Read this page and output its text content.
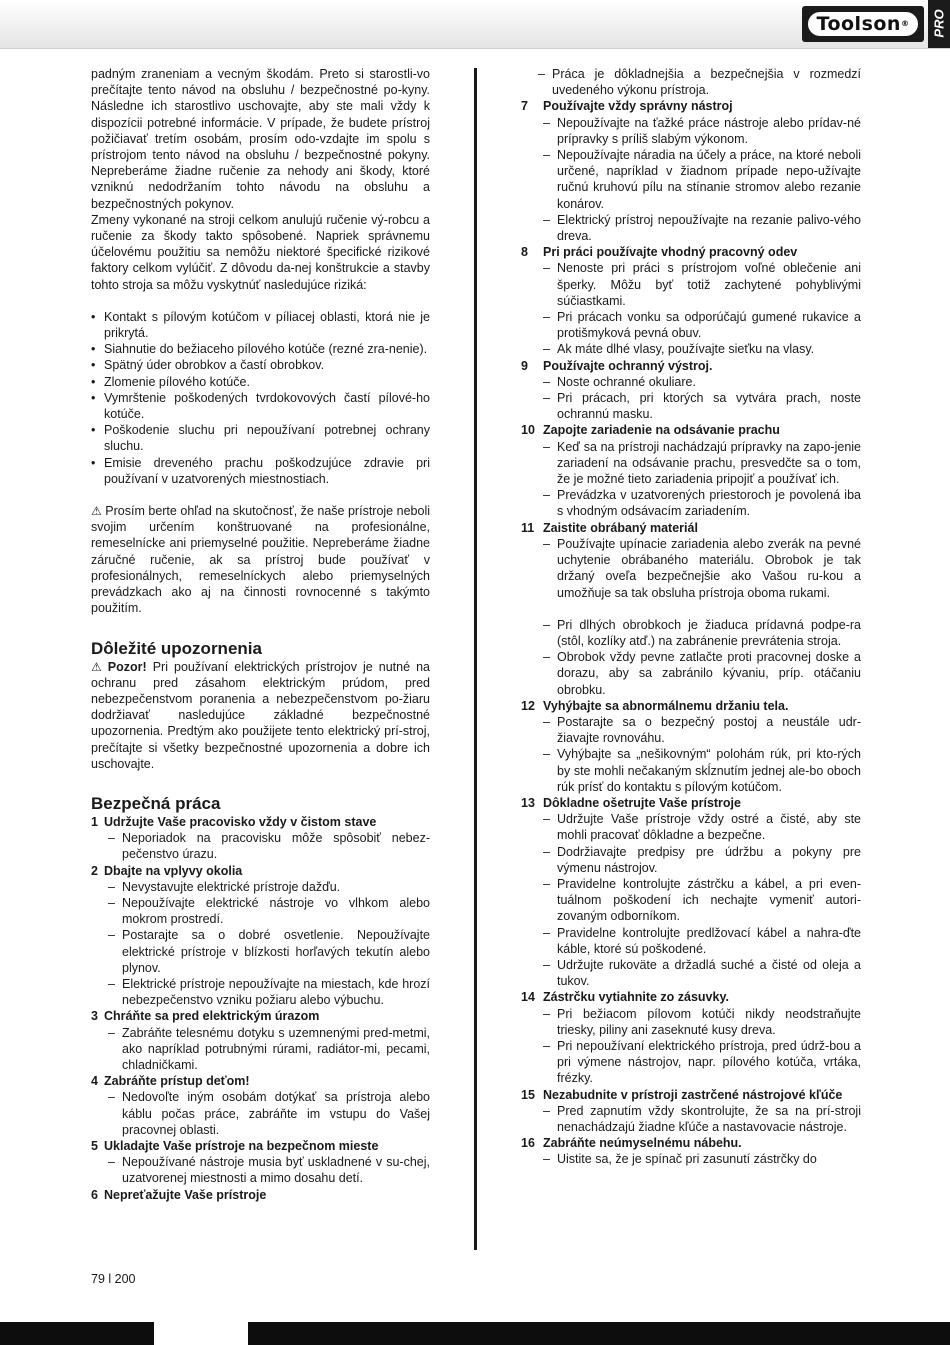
Toolson®	PRO

padným zraneniam a vecným škodám. Preto si starostli-vo prečítajte tento návod na obsluhu / bezpečnostné po-kyny. Následne ich starostlivo uschovajte, aby ste mali vždy k dispozícii potrebné informácie. V prípade, že budete prístroj požičiavať tretím osobám, prosím odo-vzdajte im spolu s prístrojom tento návod na obsluhu / bezpečnostné pokyny. Nepreberáme žiadne ručenie za nehody ani škody, ktoré vzniknú nedodržaním tohto návodu na obsluhu a bezpečnostných pokynov.

Zmeny vykonané na stroji celkom anulujú ručenie vý-robcu a ručenie za škody takto spôsobené. Napriek správnemu účelovému použitiu sa nemôžu niektoré špecifické rizikové faktory celkom vylúčiť. Z dôvodu da-nej konštrukcie a stavby tohto stroja sa môžu vyskytnúť nasledujúce riziká:

• Kontakt s pílovým kotúčom v píliacej oblasti, ktorá nie je prikrytá.
• Siahnutie do bežiaceho pílového kotúče (rezné zra-nenie).
• Spätný úder obrobkov a častí obrobkov.
• Zlomenie pílového kotúče.
• Vymrštenie poškodených tvrdokovových častí pílové-ho kotúče.
• Poškodenie sluchu pri nepoužívaní potrebnej ochrany sluchu.
• Emisie dreveného prachu poškodzujúce zdravie pri používaní v uzatvorených miestnostiach.

⚠ Prosím berte ohľad na skutočnosť, že naše prístroje neboli svojim určením konštruované na profesionálne, remeselnícke ani priemyselné použitie. Nepreberáme žiadne záručné ručenie, ak sa prístroj bude používať v profesionálnych, remeselníckych alebo priemyselných prevádzkach ako aj na činnosti rovnocenné s takýmto použitím.

Dôležité upozornenia

⚠ Pozor! Pri používaní elektrických prístrojov je nutné na ochranu pred zásahom elektrickým prúdom, pred nebezpečenstvom poranenia a nebezpečenstvom po-žiaru dodržiavať nasledujúce základné bezpečnostné upozornenia. Predtým ako použijete tento elektrický prí-stroj, prečítajte si všetky bezpečnostné upozornenia a dobre ich uschovajte.

Bezpečná práca
1 Udržujte Vaše pracovisko vždy v čistom stave
– Neporiadok na pracovisku môže spôsobiť nebez-pečenstvo úrazu.
2 Dbajte na vplyvy okolia
– Nevystavujte elektrické prístroje dažďu.
– Nepoužívajte elektrické nástroje vo vlhkom alebo mokrom prostredí.
– Postarajte sa o dobré osvetlenie. Nepoužívajte elektrické prístroje v blízkosti horľavých tekutín alebo plynov.
– Elektrické prístroje nepoužívajte na miestach, kde hrozí nebezpečenstvo vzniku požiaru alebo výbuchu.
3 Chráňte sa pred elektrickým úrazom
– Zabráňte telesnému dotyku s uzemnenými pred-metmi, ako napríklad potrubnými rúrami, radiátor-mi, pecami, chladničkami.
4 Zabráňte prístup deťom!
– Nedovoľte iným osobám dotýkať sa prístroja alebo káblu počas práce, zabráňte im vstupu do Vašej pracovnej oblasti.
5 Ukladajte Vaše prístroje na bezpečnom mieste
– Nepoužívané nástroje musia byť uskladnené v su-chej, uzatvorenej miestnosti a mimo dosahu detí.
6 Nepreťažujte Vaše prístroje
– Práca je dôkladnejšia a bezpečnejšia v rozmedzí uvedeného výkonu prístroja.
7	Používajte vždy správny nástroj
– Nepoužívajte na ťažké práce nástroje alebo prídav-né prípravky s príliš slabým výkonom.
– Nepoužívajte náradia na účely a práce, na ktoré neboli určené, napríklad v žiadnom prípade nepo-užívajte ručnú kruhovú pílu na stínanie stromov alebo rezanie konárov.
– Elektrický prístroj nepoužívajte na rezanie palivo-vého dreva.
8	Pri práci používajte vhodný pracovný odev
– Nenoste pri práci s prístrojom voľné oblečenie ani šperky. Môžu byť totiž zachytené pohyblivými súčiastkami.
– Pri prácach vonku sa odporúčajú gumené rukavice a protišmyková pevná obuv.
– Ak máte dlhé vlasy, používajte sieťku na vlasy.
9	Používajte ochranný výstroj.
– Noste ochranné okuliare.
– Pri prácach, pri ktorých sa vytvára prach, noste ochrannú masku.
10 Zapojte zariadenie na odsávanie prachu
– Keď sa na prístroji nachádzajú prípravky na zapo-jenie zariadení na odsávanie prachu, presvedčte sa o tom, že je možné tieto zariadenia pripojiť a používať ich.
– Prevádzka v uzatvorených priestoroch je povolená iba s vhodným odsávacím zariadením.
11 Zaistite obrábaný materiál
– Používajte upínacie zariadenia alebo zverák na pevné uchytenie obrábaného materiálu. Obrobok je tak držaný oveľa bezpečnejšie ako Vašou ru-kou a umožňuje sa tak obsluha prístroja oboma rukami.
– Pri dlhých obrobkoch je žiaduca prídavná podpe-ra (stôl, kozlíky atď.) na zabránenie prevrátenia stroja.
– Obrobok vždy pevne zatlačte proti pracovnej doske a dorazu, aby sa zabránilo kývaniu, príp. otáčaniu obrobku.
12 Vyhýbajte sa abnormálnemu držaniu tela.
– Postarajte sa o bezpečný postoj a neustále udr-žiavajte rovnováhu.
– Vyhýbajte sa „nešikovným“ polohám rúk, pri kto-rých by ste mohli nečakaným skĺznutím jednej ale-bo oboch rúk prísť do kontaktu s pílovým kotúčom.
13 Dôkladne ošetrujte Vaše prístroje
– Udržujte Vaše prístroje vždy ostré a čisté, aby ste mohli pracovať dôkladne a bezpečne.
– Dodržiavajte predpisy pre údržbu a pokyny pre výmenu nástrojov.
– Pravidelne kontrolujte zástrčku a kábel, a pri even-tuálnom poškodení ich nechajte vymeniť autori-zovaným odborníkom.
– Pravidelne kontrolujte predlžovací kábel a nahra-ďte káble, ktoré sú poškodené.
– Udržujte rukoväte a držadlá suché a čisté od oleja a tukov.
14 Zástrčku vytiahnite zo zásuvky.
– Pri bežiacom pílovom kotúči nikdy neodstraňujte triesky, piliny ani zaseknuté kusy dreva.
– Pri nepoužívaní elektrického prístroja, pred údrž-bou a pri výmene nástrojov, napr. pílového kotúča, vrtáka, frézky.
15 Nezabudnite v prístroji zastrčené nástrojové kľúče
– Pred zapnutím vždy skontrolujte, že sa na prí-stroji nenachádzajú žiadne kľúče a nastavovacie nástroje.
16 Zabráňte neúmyselnému nábehu.
– Uistite sa, že je spínač pri zasunutí zástrčky do
79 l 200
